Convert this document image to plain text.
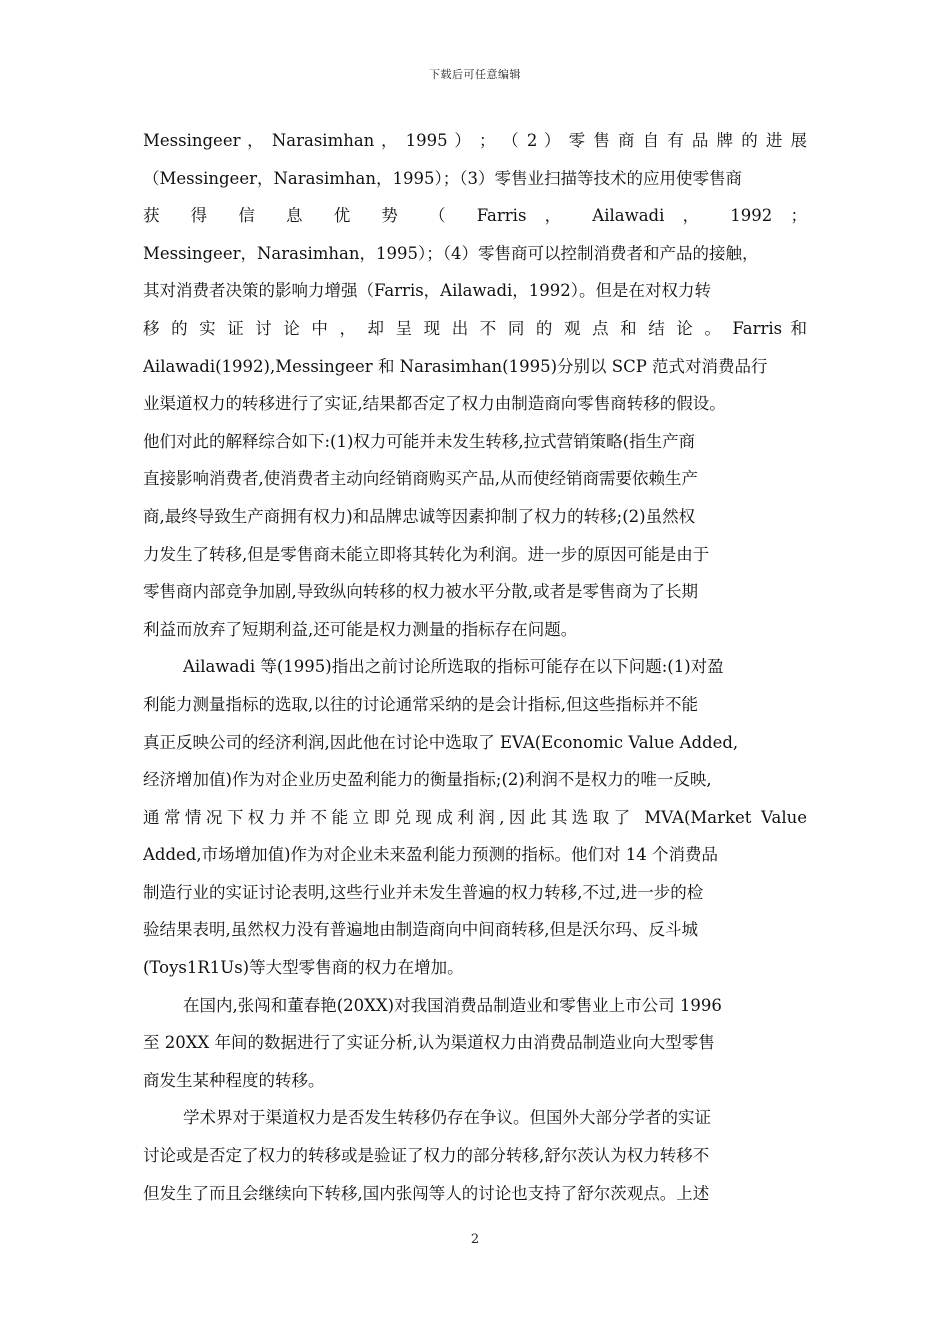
下载后可任意编辑
Messingeer ， Narasimhan ， 1995 ） ； （ 2 ） 零 售 商 自 有 品 牌 的 进 展
（Messingeer，Narasimhan，1995）；（3）零售业扫描等技术的应用使零售商
获 得 信 息 优 势 （ Farris ， Ailawadi ， 1992 ；
Messingeer，Narasimhan，1995）；（4）零售商可以控制消费者和产品的接触，
其对消费者决策的影响力增强（Farris，Ailawadi，1992）。但是在对权力转
移 的 实 证 讨 论 中 ， 却 呈 现 出 不 同 的 观 点 和 结 论 。 Farris 和
Ailawadi(1992),Messingeer 和 Narasimhan(1995)分别以 SCP 范式对消费品行
业渠道权力的转移进行了实证,结果都否定了权力由制造商向零售商转移的假设。
他们对此的解释综合如下:(1)权力可能并未发生转移,拉式营销策略(指生产商
直接影响消费者,使消费者主动向经销商购买产品,从而使经销商需要依赖生产
商,最终导致生产商拥有权力)和品牌忠诚等因素抑制了权力的转移;(2)虽然权
力发生了转移,但是零售商未能立即将其转化为利润。进一步的原因可能是由于
零售商内部竞争加剧,导致纵向转移的权力被水平分散,或者是零售商为了长期
利益而放弃了短期利益,还可能是权力测量的指标存在问题。
Ailawadi 等(1995)指出之前讨论所选取的指标可能存在以下问题:(1)对盈
利能力测量指标的选取,以往的讨论通常采纳的是会计指标,但这些指标并不能
真正反映公司的经济利润,因此他在讨论中选取了 EVA(Economic Value Added,
经济增加值)作为对企业历史盈利能力的衡量指标;(2)利润不是权力的唯一反映,
通常情况下权力并不能立即兑现成利润,因此其选取了 MVA(Market Value
Added,市场增加值)作为对企业未来盈利能力预测的指标。他们对 14 个消费品
制造行业的实证讨论表明,这些行业并未发生普遍的权力转移,不过,进一步的检
验结果表明,虽然权力没有普遍地由制造商向中间商转移,但是沃尔玛、反斗城
(Toys1R1Us)等大型零售商的权力在增加。
在国内,张闯和董春艳(20XX)对我国消费品制造业和零售业上市公司 1996
至 20XX 年间的数据进行了实证分析,认为渠道权力由消费品制造业向大型零售
商发生某种程度的转移。
学术界对于渠道权力是否发生转移仍存在争议。但国外大部分学者的实证
讨论或是否定了权力的转移或是验证了权力的部分转移,舒尔茨认为权力转移不
但发生了而且会继续向下转移,国内张闯等人的讨论也支持了舒尔茨观点。上述
2
